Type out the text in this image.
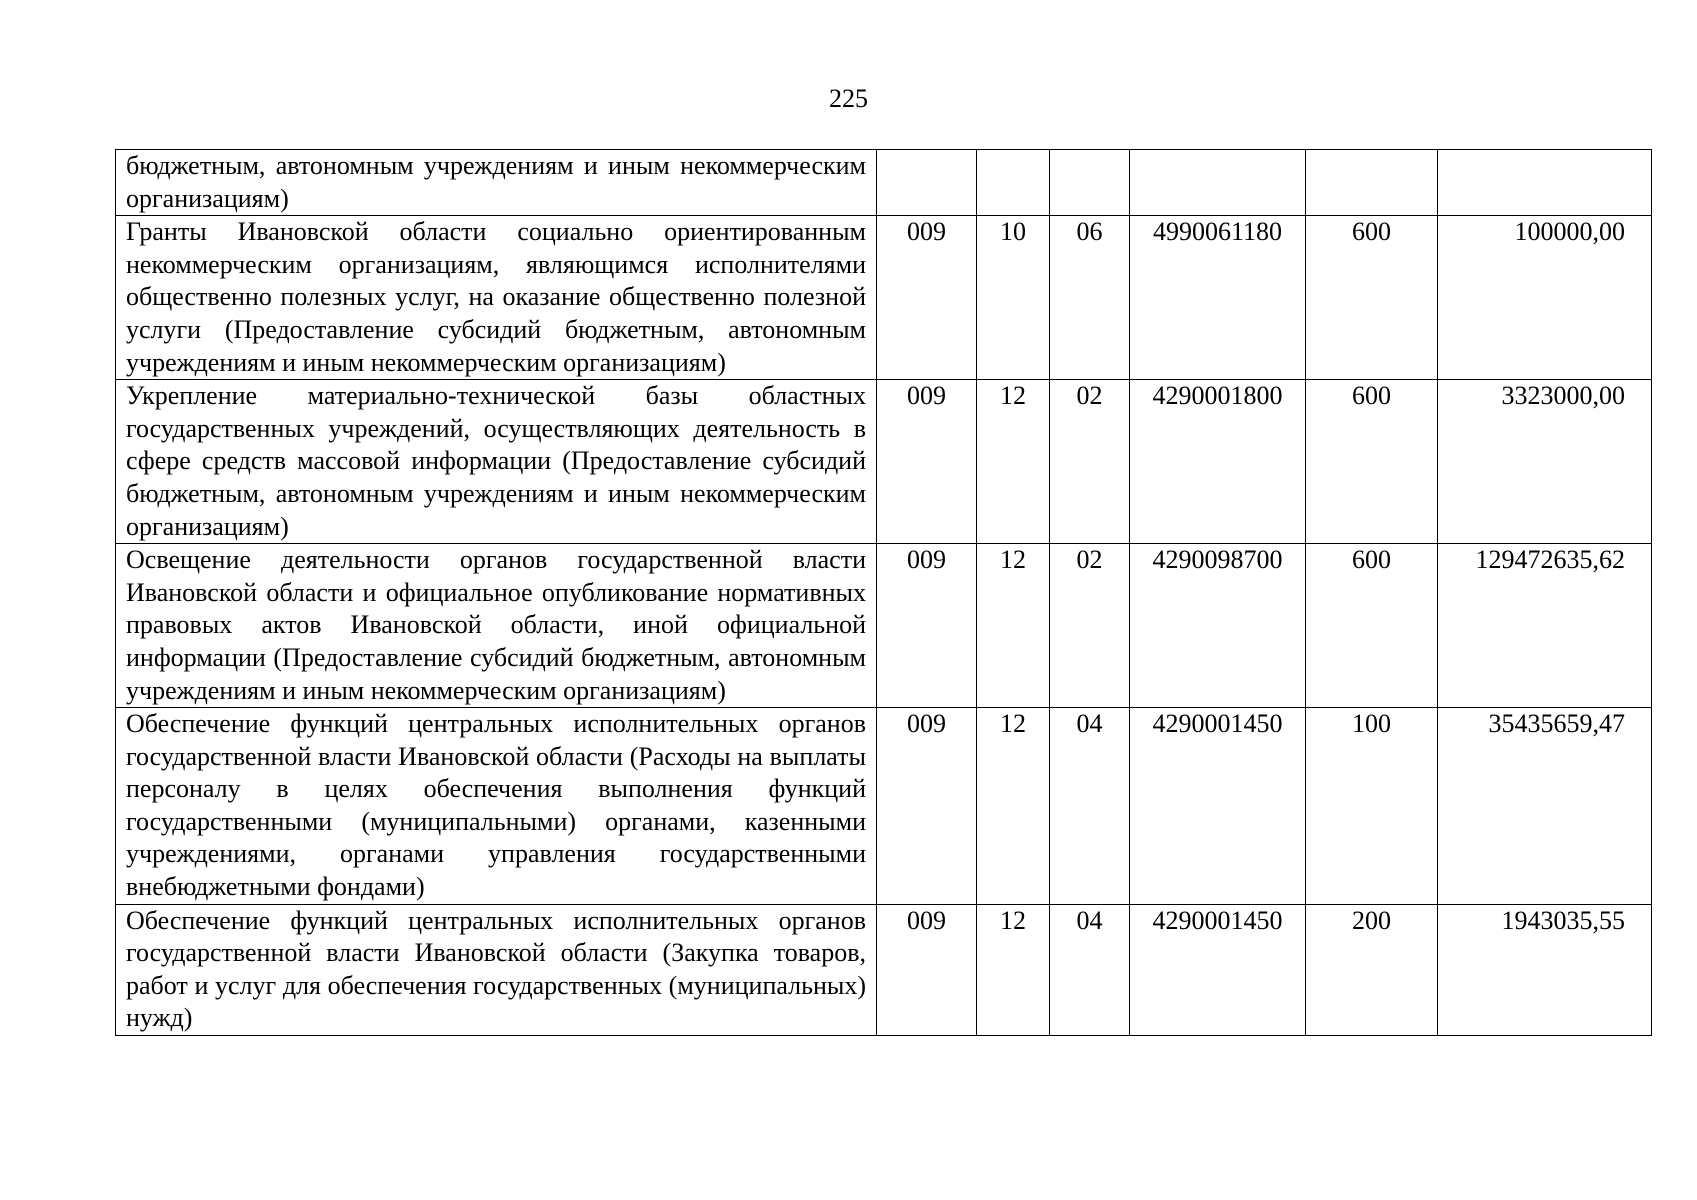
225
бюджетным, автономным учреждениям и иным некоммерческим организациям)						
Гранты Ивановской области социально ориентированным некоммерческим организациям, являющимся исполнителями общественно полезных услуг, на оказание общественно полезной услуги (Предоставление субсидий бюджетным, автономным учреждениям и иным некоммерческим организациям)	009	10	06	4990061180	600	100000,00
Укрепление материально-технической базы областных государственных учреждений, осуществляющих деятельность в сфере средств массовой информации (Предоставление субсидий бюджетным, автономным учреждениям и иным некоммерческим организациям)	009	12	02	4290001800	600	3323000,00
Освещение деятельности органов государственной власти Ивановской области и официальное опубликование нормативных правовых актов Ивановской области, иной официальной информации (Предоставление субсидий бюджетным, автономным учреждениям и иным некоммерческим организациям)	009	12	02	4290098700	600	129472635,62
Обеспечение функций центральных исполнительных органов государственной власти Ивановской области (Расходы на выплаты персоналу в целях обеспечения выполнения функций государственными (муниципальными) органами, казенными учреждениями, органами управления государственными внебюджетными фондами)	009	12	04	4290001450	100	35435659,47
Обеспечение функций центральных исполнительных органов государственной власти Ивановской области (Закупка товаров, работ и услуг для обеспечения государственных (муниципальных) нужд)	009	12	04	4290001450	200	1943035,55
